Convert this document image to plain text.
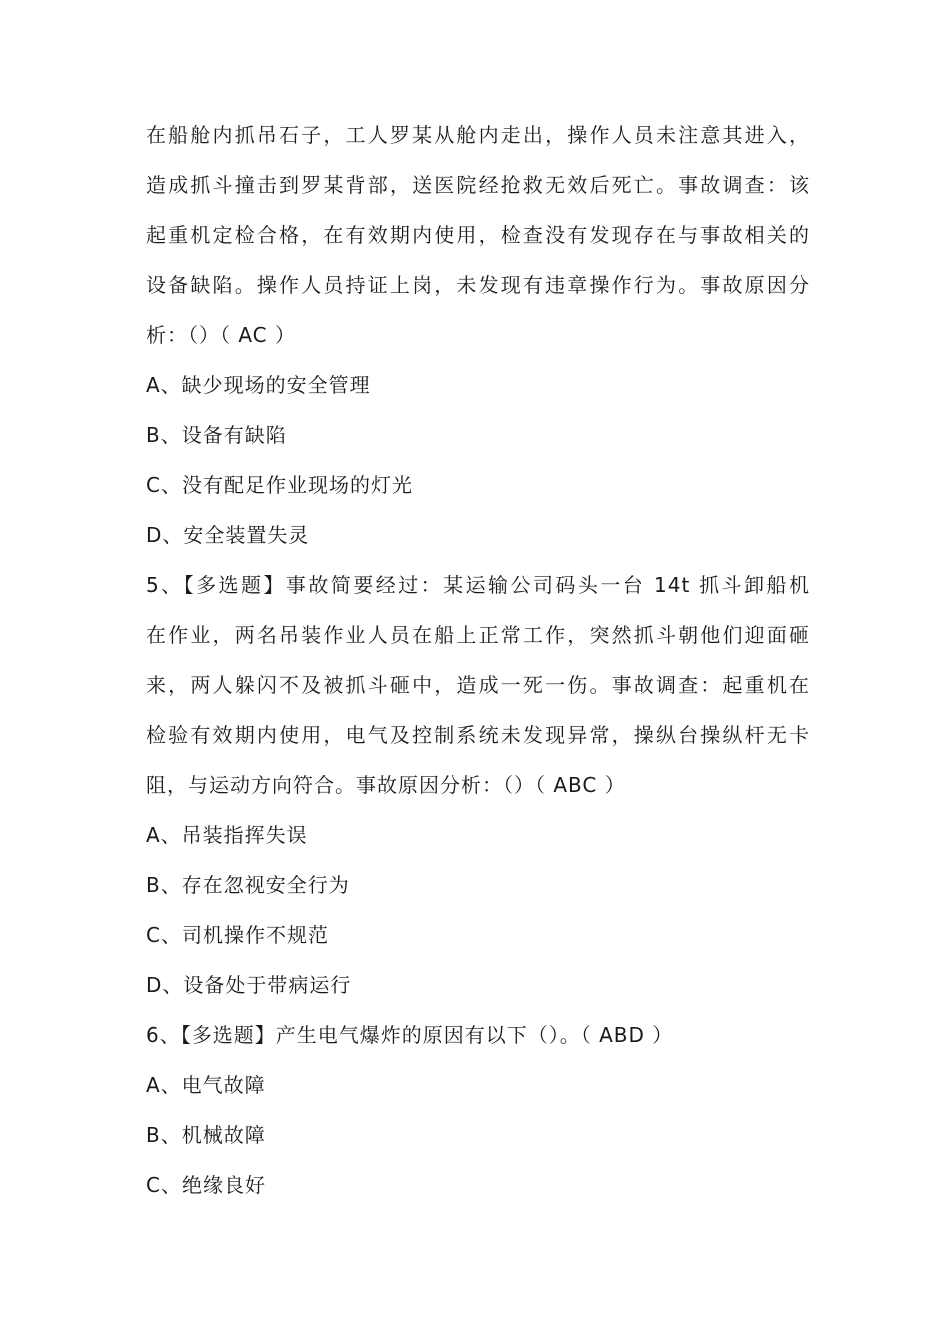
在船舱内抓吊石子，工人罗某从舱内走出，操作人员未注意其进入，
造成抓斗撞击到罗某背部，送医院经抢救无效后死亡。事故调查：该
起重机定检合格，在有效期内使用，检查没有发现存在与事故相关的
设备缺陷。操作人员持证上岗，未发现有违章操作行为。事故原因分
析：（）（ AC ）
A、缺少现场的安全管理
B、设备有缺陷
C、没有配足作业现场的灯光
D、安全装置失灵
5、【多选题】事故简要经过：某运输公司码头一台 14t 抓斗卸船机
在作业，两名吊装作业人员在船上正常工作，突然抓斗朝他们迎面砸
来，两人躲闪不及被抓斗砸中，造成一死一伤。事故调查：起重机在
检验有效期内使用，电气及控制系统未发现异常，操纵台操纵杆无卡
阻，与运动方向符合。事故原因分析：（）（ ABC ）
A、吊装指挥失误
B、存在忽视安全行为
C、司机操作不规范
D、设备处于带病运行
6、【多选题】产生电气爆炸的原因有以下（）。（ ABD ）
A、电气故障
B、机械故障
C、绝缘良好
